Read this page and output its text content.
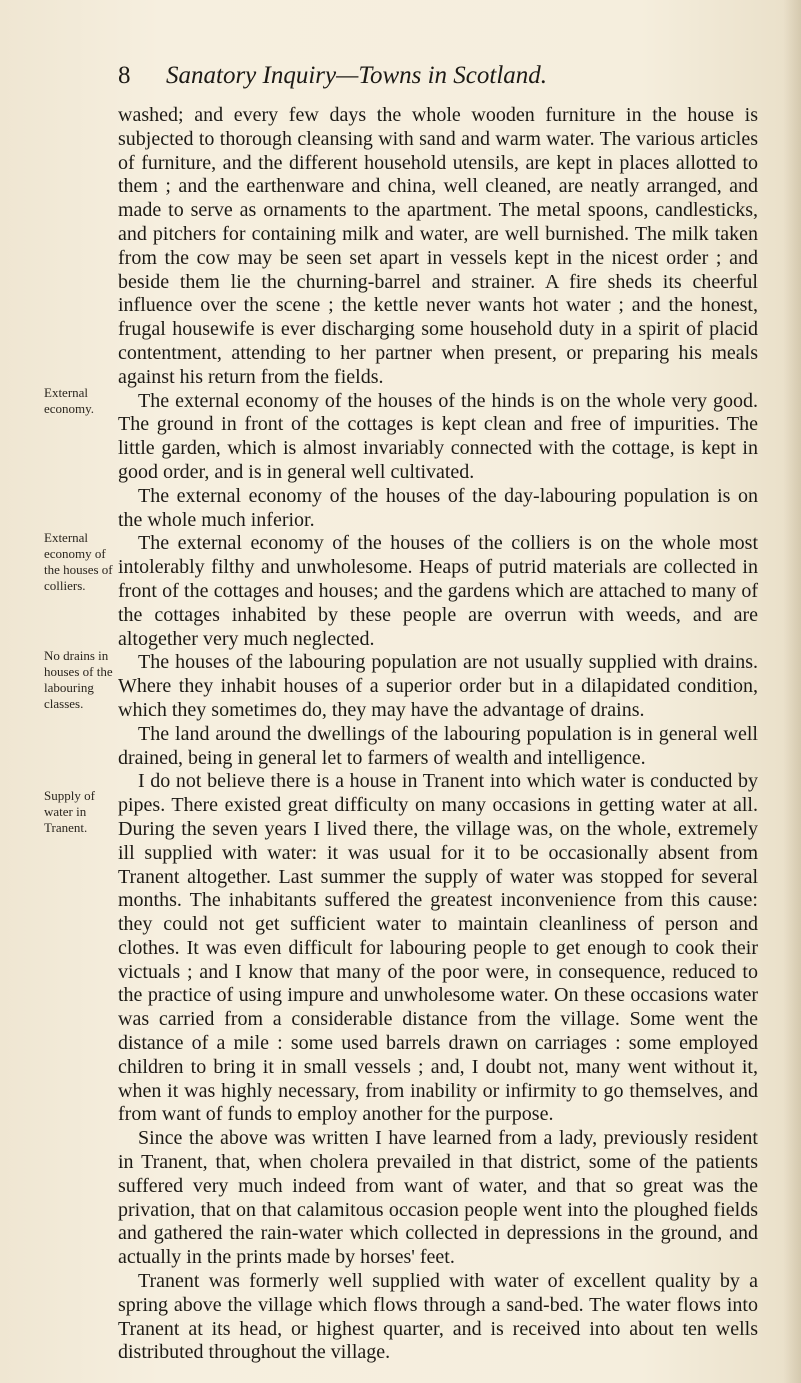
8 Sanatory Inquiry—Towns in Scotland.
External economy.
External economy of the houses of colliers.
No drains in houses of the labouring classes.
Supply of water in Tranent.

washed; and every few days the whole wooden furniture in the house is subjected to thorough cleansing with sand and warm water. The various articles of furniture, and the different household utensils, are kept in places allotted to them ; and the earthenware and china, well cleaned, are neatly arranged, and made to serve as ornaments to the apartment. The metal spoons, candlesticks, and pitchers for containing milk and water, are well burnished. The milk taken from the cow may be seen set apart in vessels kept in the nicest order ; and beside them lie the churning-barrel and strainer. A fire sheds its cheerful influence over the scene ; the kettle never wants hot water ; and the honest, frugal housewife is ever discharging some household duty in a spirit of placid contentment, attending to her partner when present, or preparing his meals against his return from the fields.

The external economy of the houses of the hinds is on the whole very good. The ground in front of the cottages is kept clean and free of impurities. The little garden, which is almost invariably connected with the cottage, is kept in good order, and is in general well cultivated.

The external economy of the houses of the day-labouring population is on the whole much inferior.

The external economy of the houses of the colliers is on the whole most intolerably filthy and unwholesome. Heaps of putrid materials are collected in front of the cottages and houses; and the gardens which are attached to many of the cottages inhabited by these people are overrun with weeds, and are altogether very much neglected.

The houses of the labouring population are not usually supplied with drains. Where they inhabit houses of a superior order but in a dilapidated condition, which they sometimes do, they may have the advantage of drains.

The land around the dwellings of the labouring population is in general well drained, being in general let to farmers of wealth and intelligence.

I do not believe there is a house in Tranent into which water is conducted by pipes. There existed great difficulty on many occasions in getting water at all. During the seven years I lived there, the village was, on the whole, extremely ill supplied with water: it was usual for it to be occasionally absent from Tranent altogether. Last summer the supply of water was stopped for several months. The inhabitants suffered the greatest inconvenience from this cause: they could not get sufficient water to maintain cleanliness of person and clothes. It was even difficult for labouring people to get enough to cook their victuals ; and I know that many of the poor were, in consequence, reduced to the practice of using impure and unwholesome water. On these occasions water was carried from a considerable distance from the village. Some went the distance of a mile : some used barrels drawn on carriages : some employed children to bring it in small vessels ; and, I doubt not, many went without it, when it was highly necessary, from inability or infirmity to go themselves, and from want of funds to employ another for the purpose.

Since the above was written I have learned from a lady, previously resident in Tranent, that, when cholera prevailed in that district, some of the patients suffered very much indeed from want of water, and that so great was the privation, that on that calamitous occasion people went into the ploughed fields and gathered the rain-water which collected in depressions in the ground, and actually in the prints made by horses' feet.

Tranent was formerly well supplied with water of excellent quality by a spring above the village which flows through a sand-bed. The water flows into Tranent at its head, or highest quarter, and is received into about ten wells distributed throughout the village.
